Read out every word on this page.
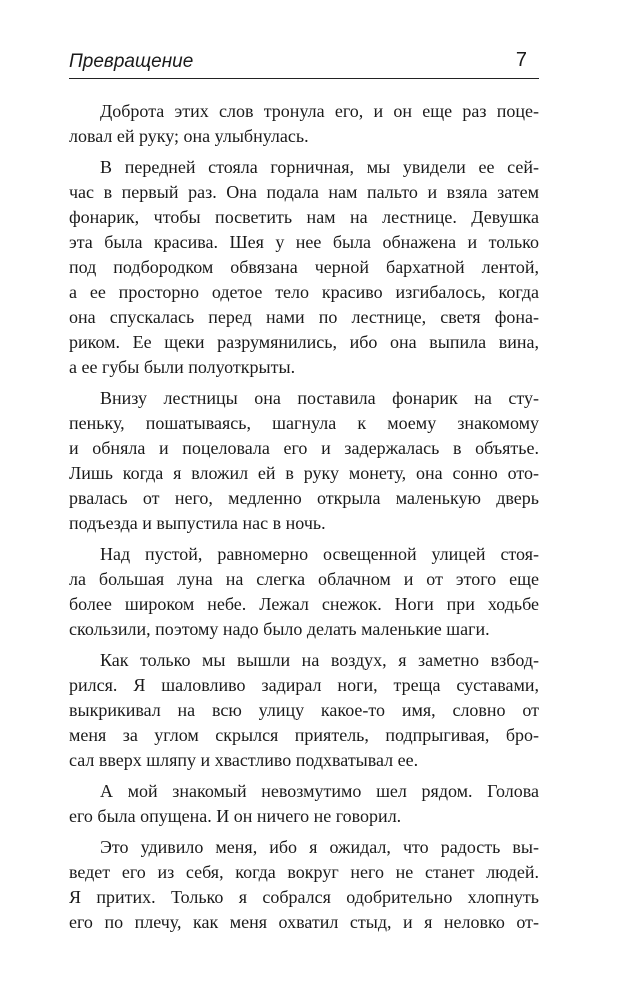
Превращение	7
Доброта этих слов тронула его, и он еще раз поце-
ловал ей руку; она улыбнулась.
В передней стояла горничная, мы увидели ее сей-
час в первый раз. Она подала нам пальто и взяла затем
фонарик, чтобы посветить нам на лестнице. Девушка
эта была красива. Шея у нее была обнажена и только
под подбородком обвязана черной бархатной лентой,
а ее просторно одетое тело красиво изгибалось, когда
она спускалась перед нами по лестнице, светя фона-
риком. Ее щеки разрумянились, ибо она выпила вина,
а ее губы были полуоткрыты.
Внизу лестницы она поставила фонарик на сту-
пеньку, пошатываясь, шагнула к моему знакомому
и обняла и поцеловала его и задержалась в объятье.
Лишь когда я вложил ей в руку монету, она сонно ото-
рвалась от него, медленно открыла маленькую дверь
подъезда и выпустила нас в ночь.
Над пустой, равномерно освещенной улицей стоя-
ла большая луна на слегка облачном и от этого еще
более широком небе. Лежал снежок. Ноги при ходьбе
скользили, поэтому надо было делать маленькие шаги.
Как только мы вышли на воздух, я заметно взбод-
рился. Я шаловливо задирал ноги, треща суставами,
выкрикивал на всю улицу какое-то имя, словно от
меня за углом скрылся приятель, подпрыгивая, бро-
сал вверх шляпу и хвастливо подхватывал ее.
А мой знакомый невозмутимо шел рядом. Голова
его была опущена. И он ничего не говорил.
Это удивило меня, ибо я ожидал, что радость вы-
ведет его из себя, когда вокруг него не станет людей.
Я притих. Только я собрался одобрительно хлопнуть
его по плечу, как меня охватил стыд, и я неловко от-
